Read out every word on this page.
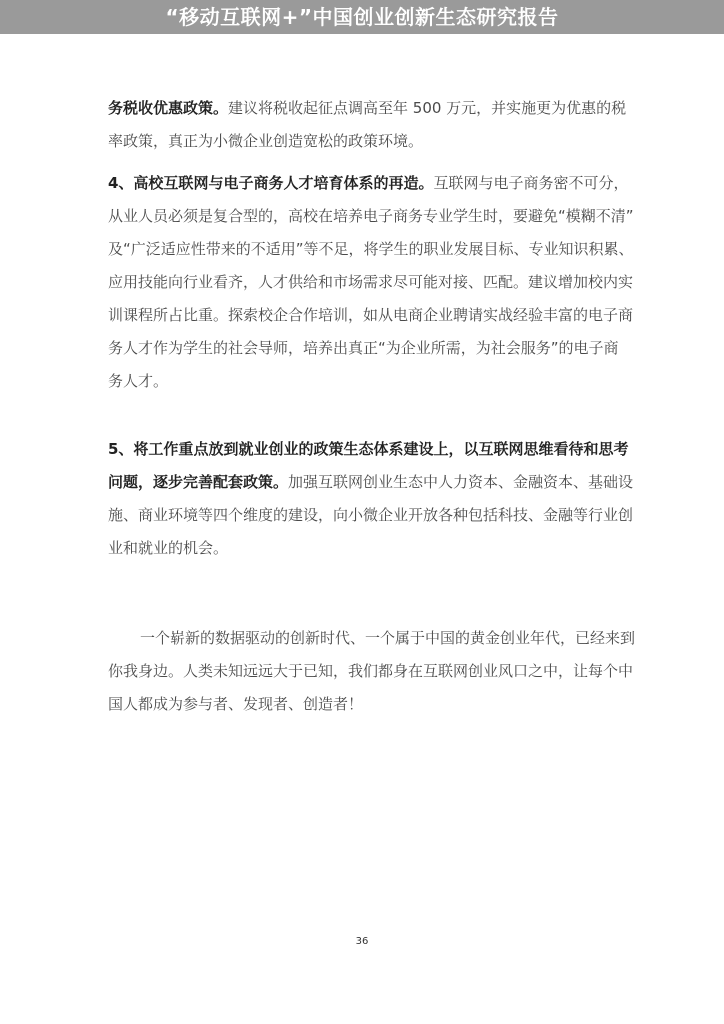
“移动互联网+”中国创业创新生态研究报告
务税收优惠政策。建议将税收起征点调高至年 500 万元，并实施更为优惠的税
率政策，真正为小微企业创造宽松的政策环境。
4、高校互联网与电子商务人才培育体系的再造。互联网与电子商务密不可分，
从业人员必须是复合型的，高校在培养电子商务专业学生时，要避免“模糊不清”
及“广泛适应性带来的不适用”等不足，将学生的职业发展目标、专业知识积累、
应用技能向行业看齐，人才供给和市场需求尽可能对接、匹配。建议增加校内实
训课程所占比重。探索校企合作培训，如从电商企业聘请实战经验丰富的电子商
务人才作为学生的社会导师，培养出真正“为企业所需，为社会服务”的电子商
务人才。
5、将工作重点放到就业创业的政策生态体系建设上，以互联网思维看待和思考
问题，逐步完善配套政策。加强互联网创业生态中人力资本、金融资本、基础设
施、商业环境等四个维度的建设，向小微企业开放各种包括科技、金融等行业创
业和就业的机会。
一个崭新的数据驱动的创新时代、一个属于中国的黄金创业年代，已经来到
你我身边。人类未知远远大于已知，我们都身在互联网创业风口之中，让每个中
国人都成为参与者、发现者、创造者！
36
